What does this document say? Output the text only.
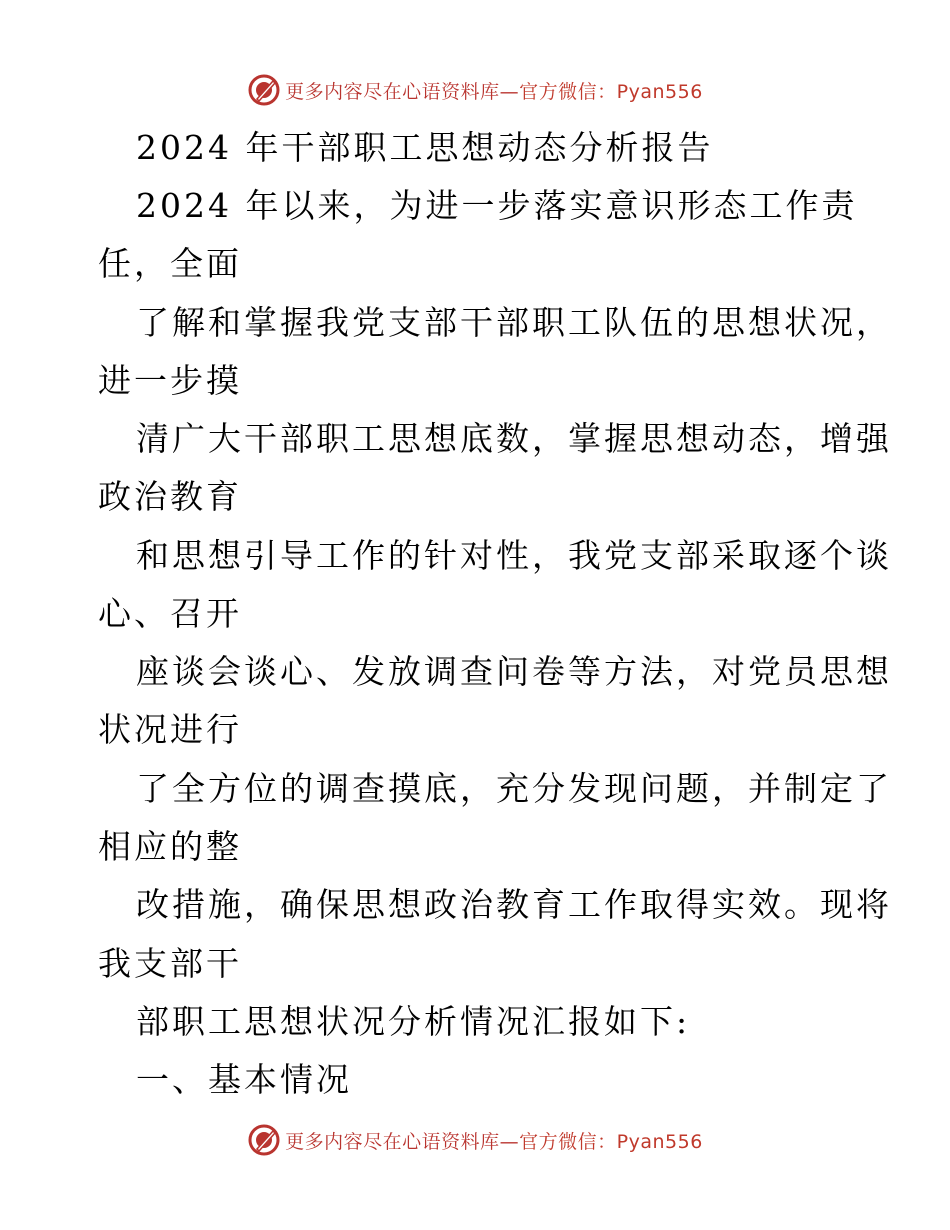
更多内容尽在心语资料库—官方微信：Pyan556
2024 年干部职工思想动态分析报告
2024 年以来，为进一步落实意识形态工作责
任，全面
了解和掌握我党支部干部职工队伍的思想状况，
进一步摸
清广大干部职工思想底数，掌握思想动态，增强
政治教育
和思想引导工作的针对性，我党支部采取逐个谈
心、召开
座谈会谈心、发放调查问卷等方法，对党员思想
状况进行
了全方位的调查摸底，充分发现问题，并制定了
相应的整
改措施，确保思想政治教育工作取得实效。现将
我支部干
部职工思想状况分析情况汇报如下:
一、基本情况
更多内容尽在心语资料库—官方微信：Pyan556
